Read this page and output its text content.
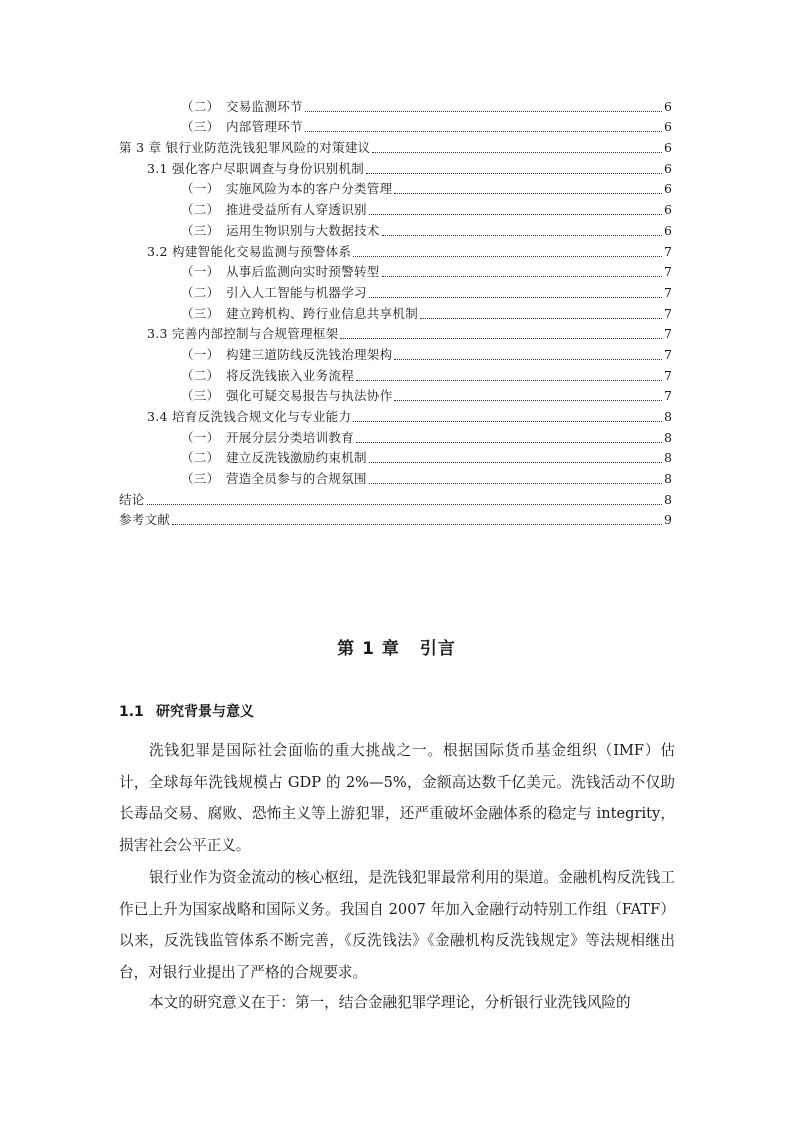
（二） 交易监测环节	6
（三） 内部管理环节	6
第 3 章 银行业防范洗钱犯罪风险的对策建议	6
3.1 强化客户尽职调查与身份识别机制	6
（一） 实施风险为本的客户分类管理	6
（二） 推进受益所有人穿透识别	6
（三） 运用生物识别与大数据技术	6
3.2 构建智能化交易监测与预警体系	7
（一） 从事后监测向实时预警转型	7
（二） 引入人工智能与机器学习	7
（三） 建立跨机构、跨行业信息共享机制	7
3.3 完善内部控制与合规管理框架	7
（一） 构建三道防线反洗钱治理架构	7
（二） 将反洗钱嵌入业务流程	7
（三） 强化可疑交易报告与执法协作	7
3.4 培育反洗钱合规文化与专业能力	8
（一） 开展分层分类培训教育	8
（二） 建立反洗钱激励约束机制	8
（三） 营造全员参与的合规氛围	8
结论	8
参考文献	9
第 1 章 引言
1.1 研究背景与意义

洗钱犯罪是国际社会面临的重大挑战之一。根据国际货币基金组织（IMF）估计，全球每年洗钱规模占 GDP 的 2%—5%，金额高达数千亿美元。洗钱活动不仅助长毒品交易、腐败、恐怖主义等上游犯罪，还严重破坏金融体系的稳定与 integrity，损害社会公平正义。

银行业作为资金流动的核心枢纽，是洗钱犯罪最常利用的渠道。金融机构反洗钱工作已上升为国家战略和国际义务。我国自 2007 年加入金融行动特别工作组（FATF）以来，反洗钱监管体系不断完善，《反洗钱法》《金融机构反洗钱规定》等法规相继出台，对银行业提出了严格的合规要求。

本文的研究意义在于：第一，结合金融犯罪学理论，分析银行业洗钱风险的
